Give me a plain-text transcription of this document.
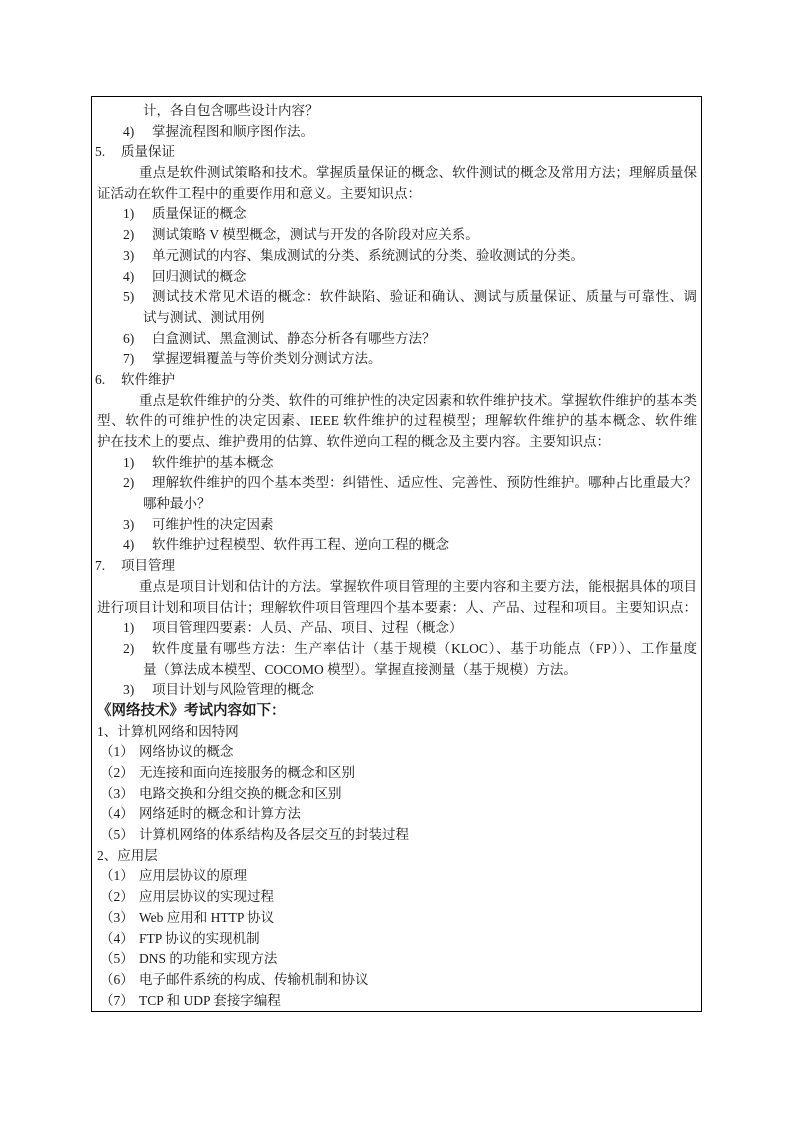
计，各自包含哪些设计内容？
4) 掌握流程图和顺序图作法。
5. 质量保证
重点是软件测试策略和技术。掌握质量保证的概念、软件测试的概念及常用方法；理解质量保
证活动在软件工程中的重要作用和意义。主要知识点：
1) 质量保证的概念
2) 测试策略 V 模型概念，测试与开发的各阶段对应关系。
3) 单元测试的内容、集成测试的分类、系统测试的分类、验收测试的分类。
4) 回归测试的概念
5) 测试技术常见术语的概念：软件缺陷、验证和确认、测试与质量保证、质量与可靠性、调
试与测试、测试用例
6) 白盒测试、黑盒测试、静态分析各有哪些方法？
7) 掌握逻辑覆盖与等价类划分测试方法。
6. 软件维护
重点是软件维护的分类、软件的可维护性的决定因素和软件维护技术。掌握软件维护的基本类
型、软件的可维护性的决定因素、IEEE 软件维护的过程模型；理解软件维护的基本概念、软件维
护在技术上的要点、维护费用的估算、软件逆向工程的概念及主要内容。主要知识点：
1) 软件维护的基本概念
2) 理解软件维护的四个基本类型：纠错性、适应性、完善性、预防性维护。哪种占比重最大？
哪种最小？
3) 可维护性的决定因素
4) 软件维护过程模型、软件再工程、逆向工程的概念
7. 项目管理
重点是项目计划和估计的方法。掌握软件项目管理的主要内容和主要方法，能根据具体的项目
进行项目计划和项目估计；理解软件项目管理四个基本要素：人、产品、过程和项目。主要知识点：
1) 项目管理四要素：人员、产品、项目、过程（概念）
2) 软件度量有哪些方法：生产率估计（基于规模（KLOC）、基于功能点（FP））、工作量度
量（算法成本模型、COCOMO 模型）。掌握直接测量（基于规模）方法。
3) 项目计划与风险管理的概念
《网络技术》考试内容如下：
1、计算机网络和因特网
（1） 网络协议的概念
（2） 无连接和面向连接服务的概念和区别
（3） 电路交换和分组交换的概念和区别
（4） 网络延时的概念和计算方法
（5） 计算机网络的体系结构及各层交互的封装过程
2、应用层
（1） 应用层协议的原理
（2） 应用层协议的实现过程
（3） Web 应用和 HTTP 协议
（4） FTP 协议的实现机制
（5） DNS 的功能和实现方法
（6） 电子邮件系统的构成、传输机制和协议
（7） TCP 和 UDP 套接字编程
